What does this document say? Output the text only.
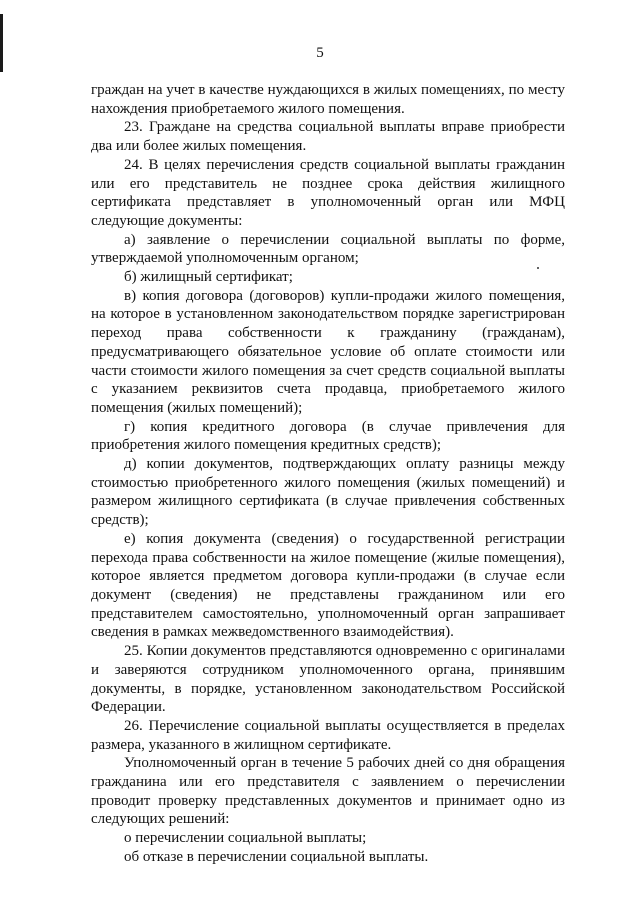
5

граждан на учет в качестве нуждающихся в жилых помещениях, по месту нахождения приобретаемого жилого помещения.

23. Граждане на средства социальной выплаты вправе приобрести два или более жилых помещения.

24. В целях перечисления средств социальной выплаты гражданин или его представитель не позднее срока действия жилищного сертификата представляет в уполномоченный орган или МФЦ следующие документы:

а) заявление о перечислении социальной выплаты по форме, утверждаемой уполномоченным органом;

б) жилищный сертификат;

в) копия договора (договоров) купли-продажи жилого помещения, на которое в установленном законодательством порядке зарегистрирован переход права собственности к гражданину (гражданам), предусматривающего обязательное условие об оплате стоимости или части стоимости жилого помещения за счет средств социальной выплаты с указанием реквизитов счета продавца, приобретаемого жилого помещения (жилых помещений);

г) копия кредитного договора (в случае привлечения для приобретения жилого помещения кредитных средств);

д) копии документов, подтверждающих оплату разницы между стоимостью приобретенного жилого помещения (жилых помещений) и размером жилищного сертификата (в случае привлечения собственных средств);

е) копия документа (сведения) о государственной регистрации перехода права собственности на жилое помещение (жилые помещения), которое является предметом договора купли-продажи (в случае если документ (сведения) не представлены гражданином или его представителем самостоятельно, уполномоченный орган запрашивает сведения в рамках межведомственного взаимодействия).

25. Копии документов представляются одновременно с оригиналами и заверяются сотрудником уполномоченного органа, принявшим документы, в порядке, установленном законодательством Российской Федерации.

26. Перечисление социальной выплаты осуществляется в пределах размера, указанного в жилищном сертификате.

Уполномоченный орган в течение 5 рабочих дней со дня обращения гражданина или его представителя с заявлением о перечислении проводит проверку представленных документов и принимает одно из следующих решений:

о перечислении социальной выплаты;

об отказе в перечислении социальной выплаты.
